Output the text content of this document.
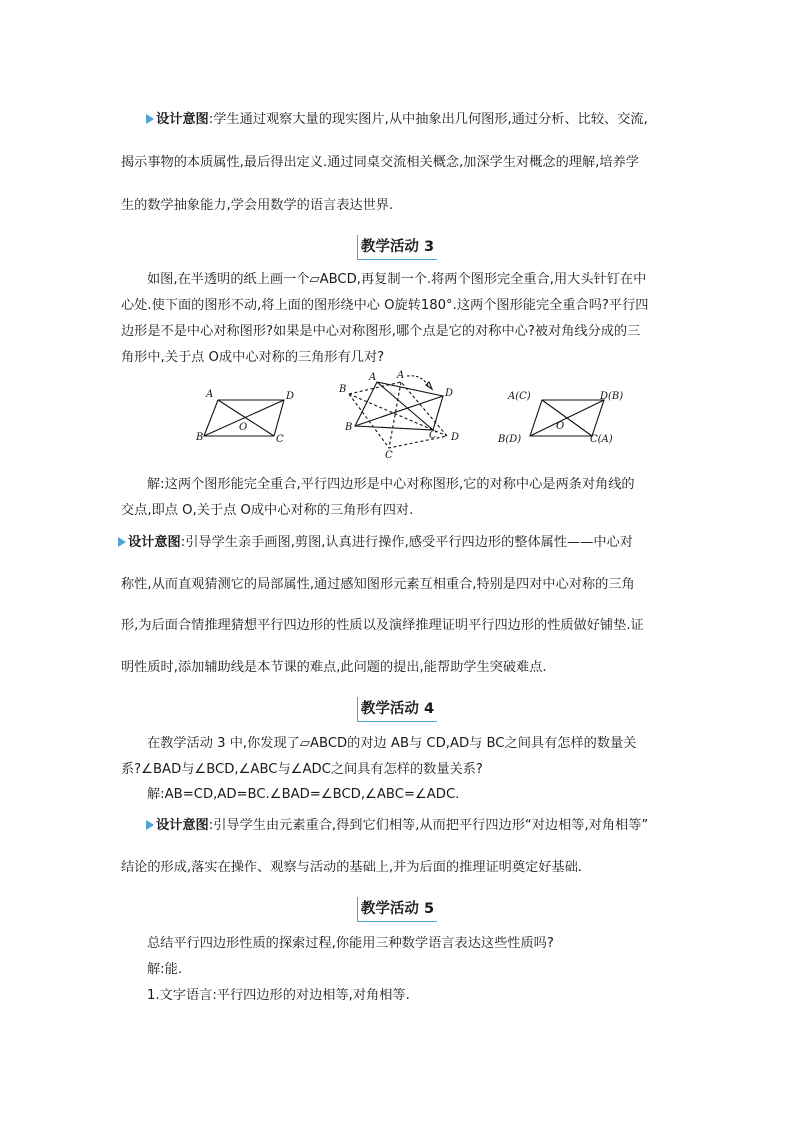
设计意图:学生通过观察大量的现实图片,从中抽象出几何图形,通过分析、比较、交流,

揭示事物的本质属性,最后得出定义.通过同桌交流相关概念,加深学生对概念的理解,培养学

生的数学抽象能力,学会用数学的语言表达世界.

教学活动 3

如图,在半透明的纸上画一个▱ABCD,再复制一个.将两个图形完全重合,用大头针钉在中

心处.使下面的图形不动,将上面的图形绕中心 O旋转180°.这两个图形能完全重合吗?平行四

边形是不是中心对称图形?如果是中心对称图形,哪个点是它的对称中心?被对角线分成的三

角形中,关于点 O成中心对称的三角形有几对?

A	D
B	C
O
B
A A
D
B
C
C
D
A(C)	D(B)
B(D)	C(A)
O

解:这两个图形能完全重合,平行四边形是中心对称图形,它的对称中心是两条对角线的

交点,即点 O,关于点 O成中心对称的三角形有四对.

设计意图:引导学生亲手画图,剪图,认真进行操作,感受平行四边形的整体属性——中心对

称性,从而直观猜测它的局部属性,通过感知图形元素互相重合,特别是四对中心对称的三角

形,为后面合情推理猜想平行四边形的性质以及演绎推理证明平行四边形的性质做好铺垫.证

明性质时,添加辅助线是本节课的难点,此问题的提出,能帮助学生突破难点.

教学活动 4

在教学活动 3 中,你发现了▱ABCD的对边 AB与 CD,AD与 BC之间具有怎样的数量关

系?∠BAD与∠BCD,∠ABC与∠ADC之间具有怎样的数量关系?

解:AB=CD,AD=BC.∠BAD=∠BCD,∠ABC=∠ADC.

设计意图:引导学生由元素重合,得到它们相等,从而把平行四边形“对边相等,对角相等”

结论的形成,落实在操作、观察与活动的基础上,并为后面的推理证明奠定好基础.

教学活动 5

总结平行四边形性质的探索过程,你能用三种数学语言表达这些性质吗?

解:能.

1.文字语言:平行四边形的对边相等,对角相等.
